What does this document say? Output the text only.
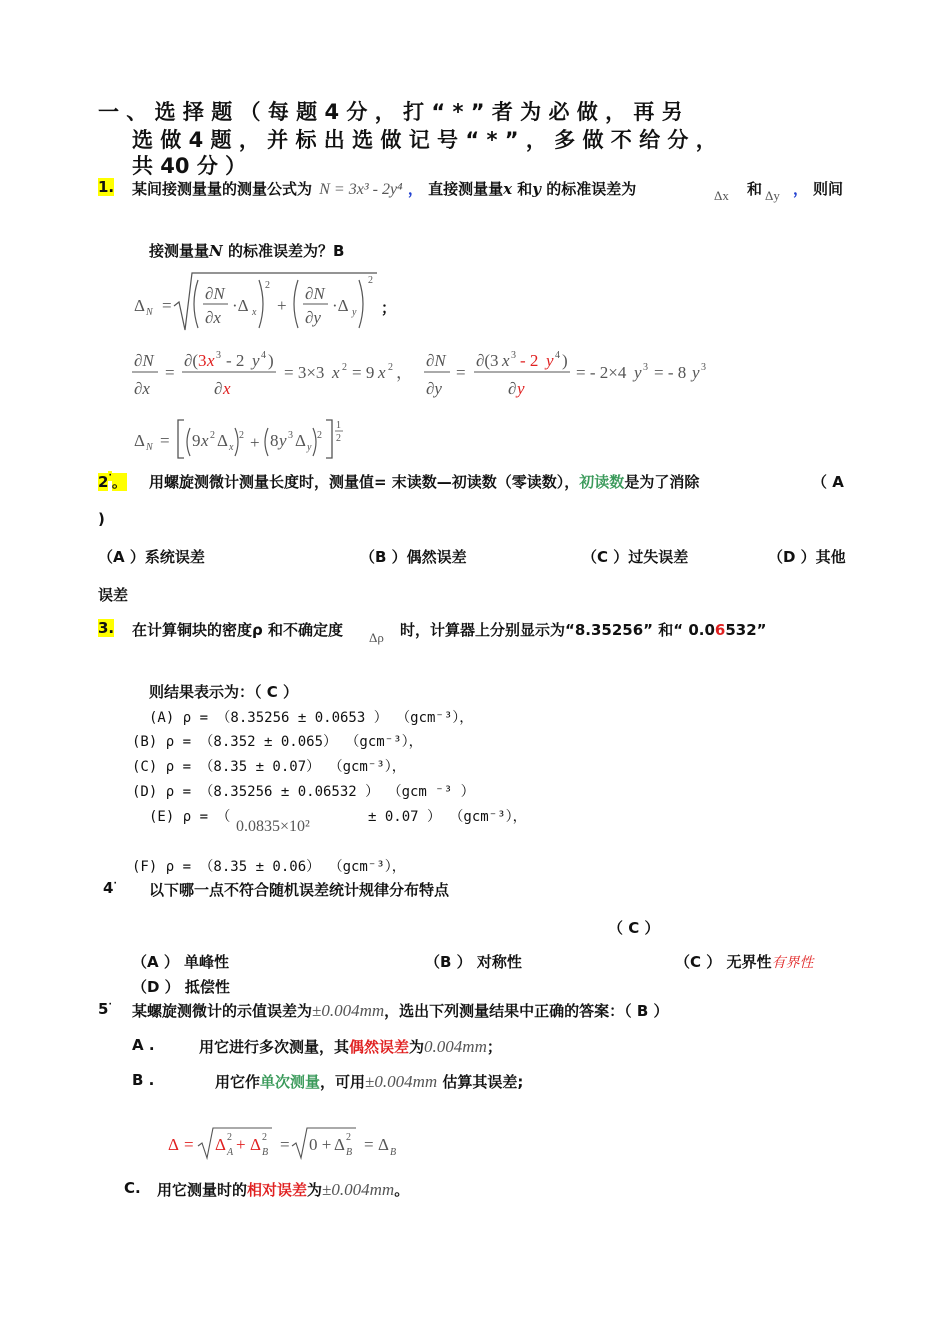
一 、 选 择 题 （ 每 题 4 分 ， 打 “ * ” 者 为 必 做 ， 再 另
选 做 4 题 ， 并 标 出 选 做 记 号 “ * ” ， 多 做 不 给 分 ，
共 40 分 ）
1. 某间接测量量的测量公式为 N = 3x³ - 2y⁴ ， 直接测量量x 和y 的标准误差为	Δx 和 Δy ， 则间
接测量量N 的标准误差为？B
Δ N =
∂N
∂x
·Δ x
2
+
∂N
∂y
·Δ y
2
；
∂N
∂x
=
∂( 3 x 3 - 2 y 4 )
∂ x
= 3×3 x 2 = 9 x 2 ，
∂N
∂y
=
∂(3 x 3 - 2 y 4 )
∂ y
= - 2×4 y 3 = - 8 y 3
Δ N = 9 x 2 Δ x
2 + 8 y 3 Δ y
2
1
2
2·。 用螺旋测微计测量长度时，测量值= 末读数—初读数（零读数），初读数是为了消除	（ A
)
（A ）系统误差	（B ）偶然误差	（C ）过失误差	（D ）其他
误差
3. 在计算铜块的密度ρ 和不确定度 Δρ 时，计算器上分别显示为“8.35256” 和“ 0.06532”
则结果表示为：（ C ）
(A) ρ = （8.35256 ± 0.0653 ） （gcm⁻³），
(B) ρ = （8.352 ± 0.065） （gcm⁻³），
(C) ρ = （8.35 ± 0.07） （gcm⁻³），
(D) ρ = （8.35256 ± 0.06532 ） （gcm ⁻³ ）
(E) ρ = （
0.0835×10²
± 0.07 ） （gcm⁻³），
(F) ρ = （8.35 ± 0.06） （gcm⁻³），
4· 以下哪一点不符合随机误差统计规律分布特点
（ C ）
（A ） 单峰性	（B ） 对称性	（C ） 无界性有界性
（D ） 抵偿性
5· 某螺旋测微计的示值误差为±0.004mm，选出下列测量结果中正确的答案：（ B ）
A .	用它进行多次测量，其偶然误差为0.004mm；
B .	用它作单次测量，可用±0.004mm 估算其误差;
Δ = Δ 2
A + Δ 2
B = 0 + Δ 2
B = Δ B
C. 用它测量时的相对误差为±0.004mm。
